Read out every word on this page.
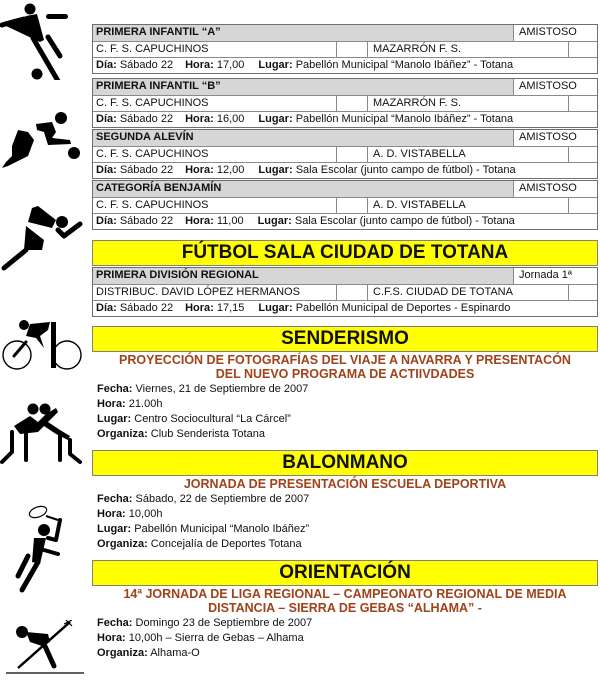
PRIMERA INFANTIL “A”	AMISTOSO
C. F. S. CAPUCHINOS	MAZARRÓN F. S.
Día: Sábado 22 Hora: 17,00 Lugar: Pabellón Municipal “Manolo Ibáñez” - Totana
PRIMERA INFANTIL “B”	AMISTOSO
C. F. S. CAPUCHINOS	MAZARRÓN F. S.
Día: Sábado 22 Hora: 16,00 Lugar: Pabellón Municipal “Manolo Ibáñez” - Totana
SEGUNDA ALEVÍN	AMISTOSO
C. F. S. CAPUCHINOS	A. D. VISTABELLA
Día: Sábado 22 Hora: 12,00 Lugar: Sala Escolar (junto campo de fútbol) - Totana
CATEGORÍA BENJAMÍN	AMISTOSO
C. F. S. CAPUCHINOS	A. D. VISTABELLA
Día: Sábado 22 Hora: 11,00 Lugar: Sala Escolar (junto campo de fútbol) - Totana
FÚTBOL SALA CIUDAD DE TOTANA
PRIMERA DIVISIÓN REGIONAL	Jornada 1ª
DISTRIBUC. DAVID LÓPEZ HERMANOS	C.F.S. CIUDAD DE TOTANA
Día: Sábado 22 Hora: 17,15 Lugar: Pabellón Municipal de Deportes - Espinardo
SENDERISMO
PROYECCIÓN DE FOTOGRAFÍAS DEL VIAJE A NAVARRA Y PRESENTACÓN
DEL NUEVO PROGRAMA DE ACTIIVDADES
Fecha: Viernes, 21 de Septiembre de 2007
Hora: 21.00h
Lugar: Centro Sociocultural “La Cárcel”
Organiza: Club Senderista Totana
BALONMANO
JORNADA DE PRESENTACIÓN ESCUELA DEPORTIVA
Fecha: Sábado, 22 de Septiembre de 2007
Hora: 10,00h
Lugar: Pabellón Municipal “Manolo Ibáñez”
Organiza: Concejalía de Deportes Totana
ORIENTACIÓN
14ª JORNADA DE LIGA REGIONAL – CAMPEONATO REGIONAL DE MEDIA
DISTANCIA – SIERRA DE GEBAS “ALHAMA” -
Fecha: Domingo 23 de Septiembre de 2007
Hora: 10,00h – Sierra de Gebas – Alhama
Organiza: Alhama-O
